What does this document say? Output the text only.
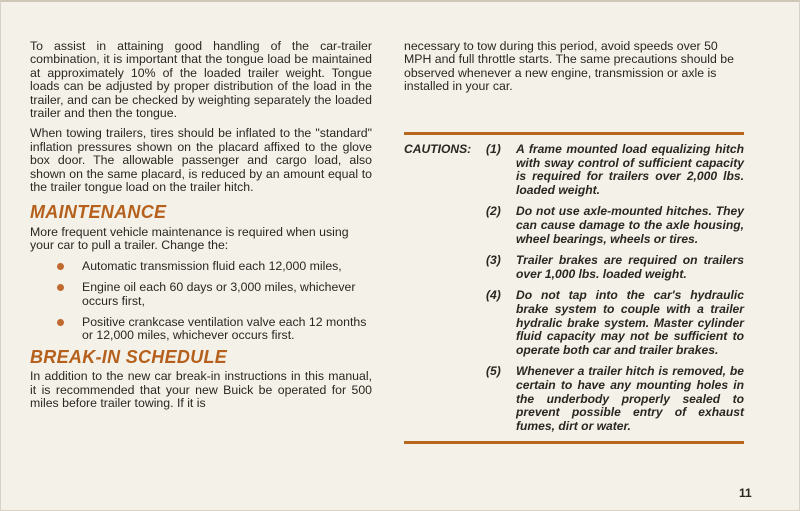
To assist in attaining good handling of the car-trailer combination, it is important that the tongue load be maintained at approximately 10% of the loaded trailer weight. Tongue loads can be adjusted by proper distribution of the load in the trailer, and can be checked by weighting separately the loaded trailer and then the tongue.

When towing trailers, tires should be inflated to the "standard" inflation pressures shown on the placard affixed to the glove box door. The allowable passenger and cargo load, also shown on the same placard, is reduced by an amount equal to the trailer tongue load on the trailer hitch.

MAINTENANCE

More frequent vehicle maintenance is required when using your car to pull a trailer. Change the:

Automatic transmission fluid each 12,000 miles,
Engine oil each 60 days or 3,000 miles, whichever occurs first,
Positive crankcase ventilation valve each 12 months or 12,000 miles, whichever occurs first.
BREAK-IN SCHEDULE

In addition to the new car break-in instructions in this manual, it is recommended that your new Buick be operated for 500 miles before trailer towing. If it is

necessary to tow during this period, avoid speeds over 50 MPH and full throttle starts. The same precautions should be observed whenever a new engine, transmission or axle is installed in your car.

CAUTIONS:	(1)	A frame mounted load equalizing hitch with sway control of sufficient capacity is required for trailers over 2,000 lbs. loaded weight.
(2)	Do not use axle-mounted hitches. They can cause damage to the axle housing, wheel bearings, wheels or tires.
(3)	Trailer brakes are required on trailers over 1,000 lbs. loaded weight.
(4)	Do not tap into the car's hydraulic brake system to couple with a trailer hydralic brake system. Master cylinder fluid capacity may not be sufficient to operate both car and trailer brakes.
(5)	Whenever a trailer hitch is removed, be certain to have any mounting holes in the underbody properly sealed to prevent possible entry of exhaust fumes, dirt or water.
11
